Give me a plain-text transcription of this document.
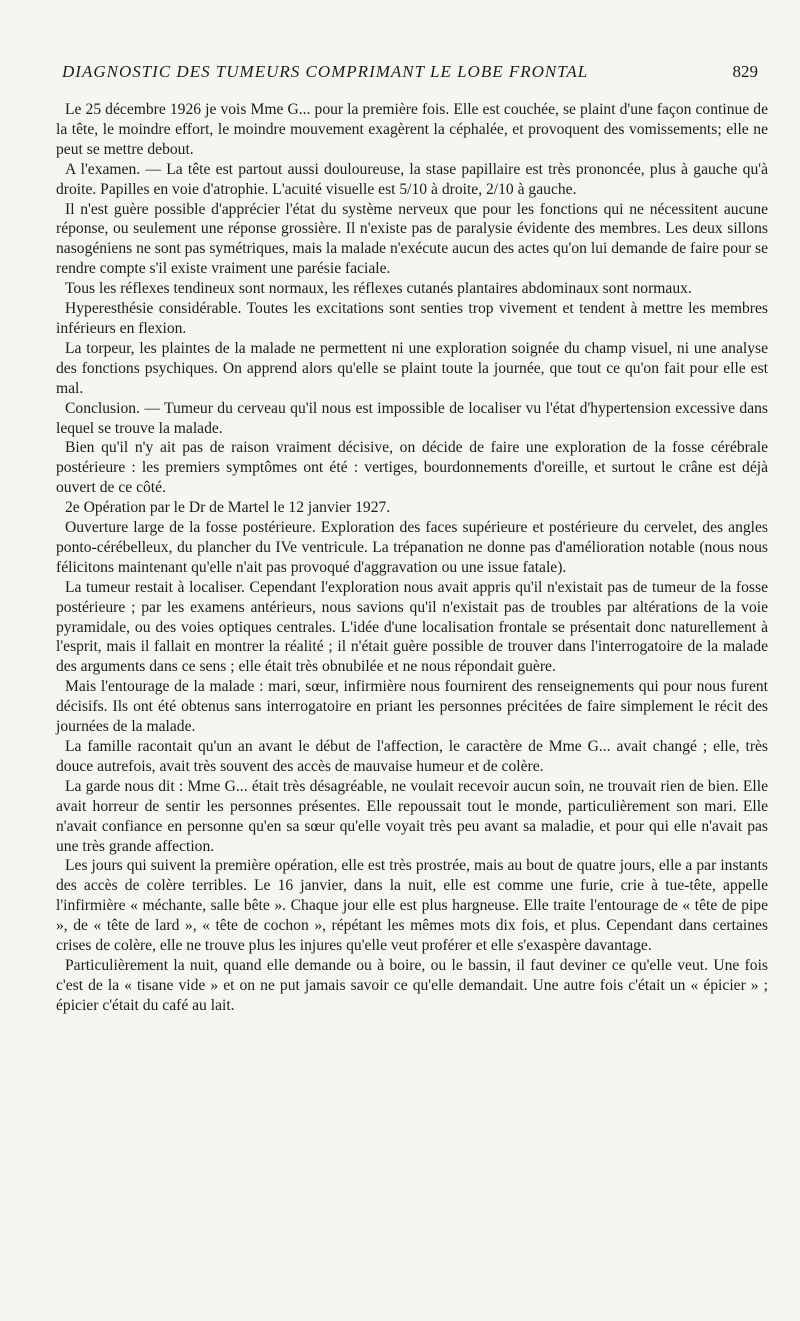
DIAGNOSTIC DES TUMEURS COMPRIMANT LE LOBE FRONTAL	829

Le 25 décembre 1926 je vois Mme G... pour la première fois. Elle est couchée, se plaint d'une façon continue de la tête, le moindre effort, le moindre mouvement exagèrent la céphalée, et provoquent des vomissements; elle ne peut se mettre debout.

A l'examen. — La tête est partout aussi douloureuse, la stase papillaire est très prononcée, plus à gauche qu'à droite. Papilles en voie d'atrophie. L'acuité visuelle est 5/10 à droite, 2/10 à gauche.

Il n'est guère possible d'apprécier l'état du système nerveux que pour les fonctions qui ne nécessitent aucune réponse, ou seulement une réponse grossière. Il n'existe pas de paralysie évidente des membres. Les deux sillons nasogéniens ne sont pas symétriques, mais la malade n'exécute aucun des actes qu'on lui demande de faire pour se rendre compte s'il existe vraiment une parésie faciale.

Tous les réflexes tendineux sont normaux, les réflexes cutanés plantaires abdominaux sont normaux.

Hyperesthésie considérable. Toutes les excitations sont senties trop vivement et tendent à mettre les membres inférieurs en flexion.

La torpeur, les plaintes de la malade ne permettent ni une exploration soignée du champ visuel, ni une analyse des fonctions psychiques. On apprend alors qu'elle se plaint toute la journée, que tout ce qu'on fait pour elle est mal.

Conclusion. — Tumeur du cerveau qu'il nous est impossible de localiser vu l'état d'hypertension excessive dans lequel se trouve la malade.

Bien qu'il n'y ait pas de raison vraiment décisive, on décide de faire une exploration de la fosse cérébrale postérieure : les premiers symptômes ont été : vertiges, bourdonnements d'oreille, et surtout le crâne est déjà ouvert de ce côté.

2e Opération par le Dr de Martel le 12 janvier 1927.

Ouverture large de la fosse postérieure. Exploration des faces supérieure et postérieure du cervelet, des angles ponto-cérébelleux, du plancher du IVe ventricule. La trépanation ne donne pas d'amélioration notable (nous nous félicitons maintenant qu'elle n'ait pas provoqué d'aggravation ou une issue fatale).

La tumeur restait à localiser. Cependant l'exploration nous avait appris qu'il n'existait pas de tumeur de la fosse postérieure ; par les examens antérieurs, nous savions qu'il n'existait pas de troubles par altérations de la voie pyramidale, ou des voies optiques centrales. L'idée d'une localisation frontale se présentait donc naturellement à l'esprit, mais il fallait en montrer la réalité ; il n'était guère possible de trouver dans l'interrogatoire de la malade des arguments dans ce sens ; elle était très obnubilée et ne nous répondait guère.

Mais l'entourage de la malade : mari, sœur, infirmière nous fournirent des renseignements qui pour nous furent décisifs. Ils ont été obtenus sans interrogatoire en priant les personnes précitées de faire simplement le récit des journées de la malade.

La famille racontait qu'un an avant le début de l'affection, le caractère de Mme G... avait changé ; elle, très douce autrefois, avait très souvent des accès de mauvaise humeur et de colère.

La garde nous dit : Mme G... était très désagréable, ne voulait recevoir aucun soin, ne trouvait rien de bien. Elle avait horreur de sentir les personnes présentes. Elle repoussait tout le monde, particulièrement son mari. Elle n'avait confiance en personne qu'en sa sœur qu'elle voyait très peu avant sa maladie, et pour qui elle n'avait pas une très grande affection.

Les jours qui suivent la première opération, elle est très prostrée, mais au bout de quatre jours, elle a par instants des accès de colère terribles. Le 16 janvier, dans la nuit, elle est comme une furie, crie à tue-tête, appelle l'infirmière « méchante, salle bête ». Chaque jour elle est plus hargneuse. Elle traite l'entourage de « tête de pipe », de « tête de lard », « tête de cochon », répétant les mêmes mots dix fois, et plus. Cependant dans certaines crises de colère, elle ne trouve plus les injures qu'elle veut proférer et elle s'exaspère davantage.

Particulièrement la nuit, quand elle demande ou à boire, ou le bassin, il faut deviner ce qu'elle veut. Une fois c'est de la « tisane vide » et on ne put jamais savoir ce qu'elle demandait. Une autre fois c'était un « épicier » ; épicier c'était du café au lait.
